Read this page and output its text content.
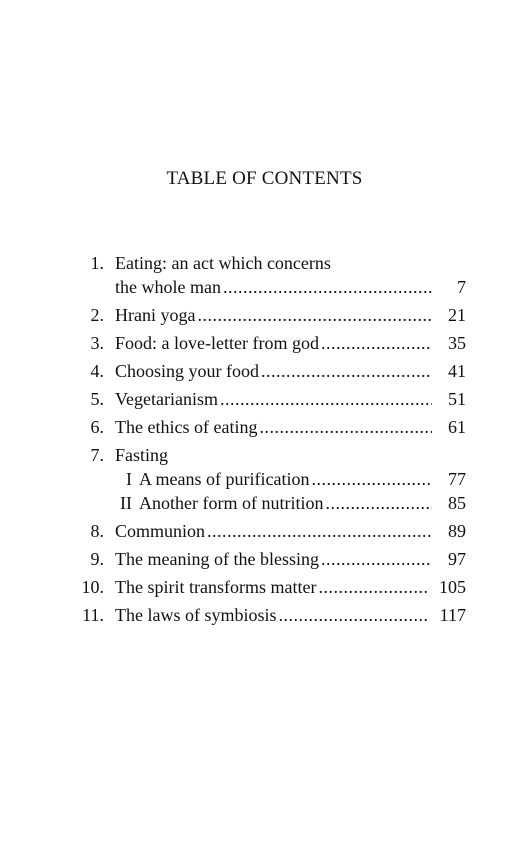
TABLE OF CONTENTS
1. Eating: an act which concerns
the whole man .....	7
2. Hrani yoga .....	21
3. Food: a love-letter from god .....	35
4. Choosing your food .....	41
5. Vegetarianism .....	51
6. The ethics of eating .....	61
7. Fasting
I A means of purification .....	77
II Another form of nutrition .....	85
8. Communion .....	89
9. The meaning of the blessing .....	97
10. The spirit transforms matter .....	105
11. The laws of symbiosis .....	117
